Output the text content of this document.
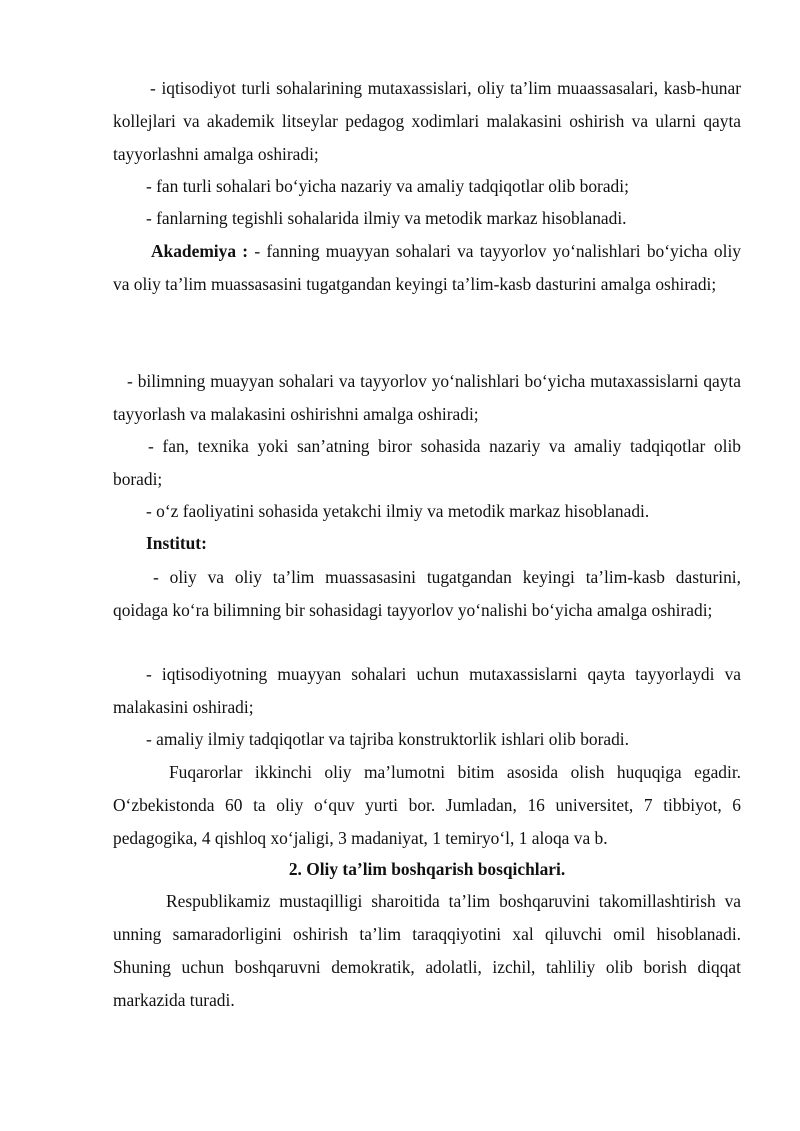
- iqtisodiyot turli sohalarining mutaxassislari, oliy ta’lim muaassasalari, kasb-hunar kollejlari va akademik litseylar pedagog xodimlari malakasini oshirish va ularni qayta tayyorlashni amalga oshiradi;

- fan turli sohalari bo‘yicha nazariy va amaliy tadqiqotlar olib boradi;

- fanlarning tegishli sohalarida ilmiy va metodik markaz hisoblanadi.

Akademiya : - fanning muayyan sohalari va tayyorlov yo‘nalishlari bo‘yicha oliy va oliy ta’lim muassasasini tugatgandan keyingi ta’lim-kasb dasturini amalga oshiradi;

- bilimning muayyan sohalari va tayyorlov yo‘nalishlari bo‘yicha mutaxassislarni qayta tayyorlash va malakasini oshirishni amalga oshiradi;

- fan, texnika yoki san’atning biror sohasida nazariy va amaliy tadqiqotlar olib boradi;

- o‘z faoliyatini sohasida yetakchi ilmiy va metodik markaz hisoblanadi.

Institut:

- oliy va oliy ta’lim muassasasini tugatgandan keyingi ta’lim-kasb dasturini, qoidaga ko‘ra bilimning bir sohasidagi tayyorlov yo‘nalishi bo‘yicha amalga oshiradi;

- iqtisodiyotning muayyan sohalari uchun mutaxassislarni qayta tayyorlaydi va malakasini oshiradi;

- amaliy ilmiy tadqiqotlar va tajriba konstruktorlik ishlari olib boradi.

Fuqarorlar ikkinchi oliy ma’lumotni bitim asosida olish huquqiga egadir. O‘zbekistonda 60 ta oliy o‘quv yurti bor. Jumladan, 16 universitet, 7 tibbiyot, 6 pedagogika, 4 qishloq xo‘jaligi, 3 madaniyat, 1 temiryo‘l, 1 aloqa va b.

2. Oliy ta’lim boshqarish bosqichlari.

Respublikamiz mustaqilligi sharoitida ta’lim boshqaruvini takomillashtirish va unning samaradorligini oshirish ta’lim taraqqiyotini xal qiluvchi omil hisoblanadi. Shuning uchun boshqaruvni demokratik, adolatli, izchil, tahliliy olib borish diqqat markazida turadi.
